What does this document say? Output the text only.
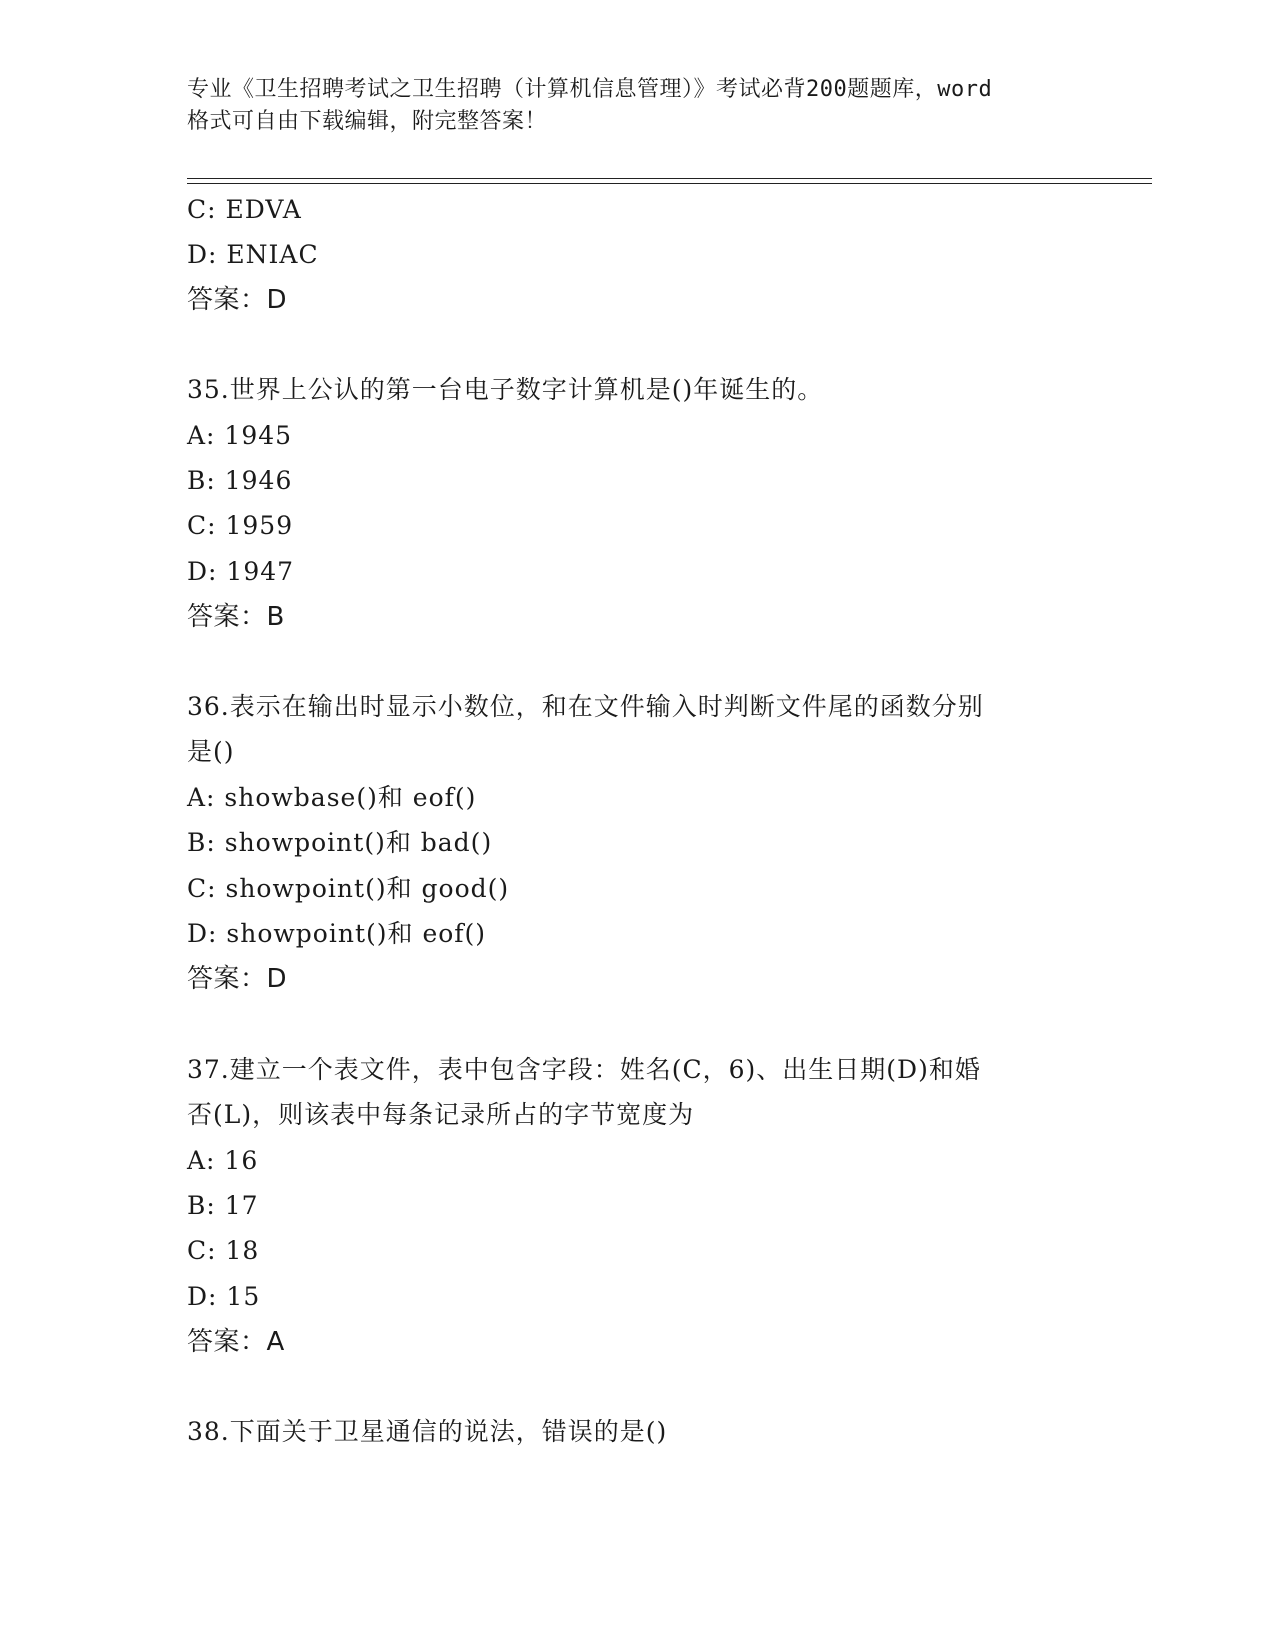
专业《卫生招聘考试之卫生招聘（计算机信息管理）》考试必背200题题库，word
格式可自由下载编辑，附完整答案！
C: EDVA
D: ENIAC
答案：D
35.世界上公认的第一台电子数字计算机是()年诞生的。
A: 1945
B: 1946
C: 1959
D: 1947
答案：B
36.表示在输出时显示小数位，和在文件输入时判断文件尾的函数分别
是()
A: showbase()和 eof()
B: showpoint()和 bad()
C: showpoint()和 good()
D: showpoint()和 eof()
答案：D
37.建立一个表文件，表中包含字段：姓名(C，6)、出生日期(D)和婚
否(L)，则该表中每条记录所占的字节宽度为
A: 16
B: 17
C: 18
D: 15
答案：A
38.下面关于卫星通信的说法，错误的是()
